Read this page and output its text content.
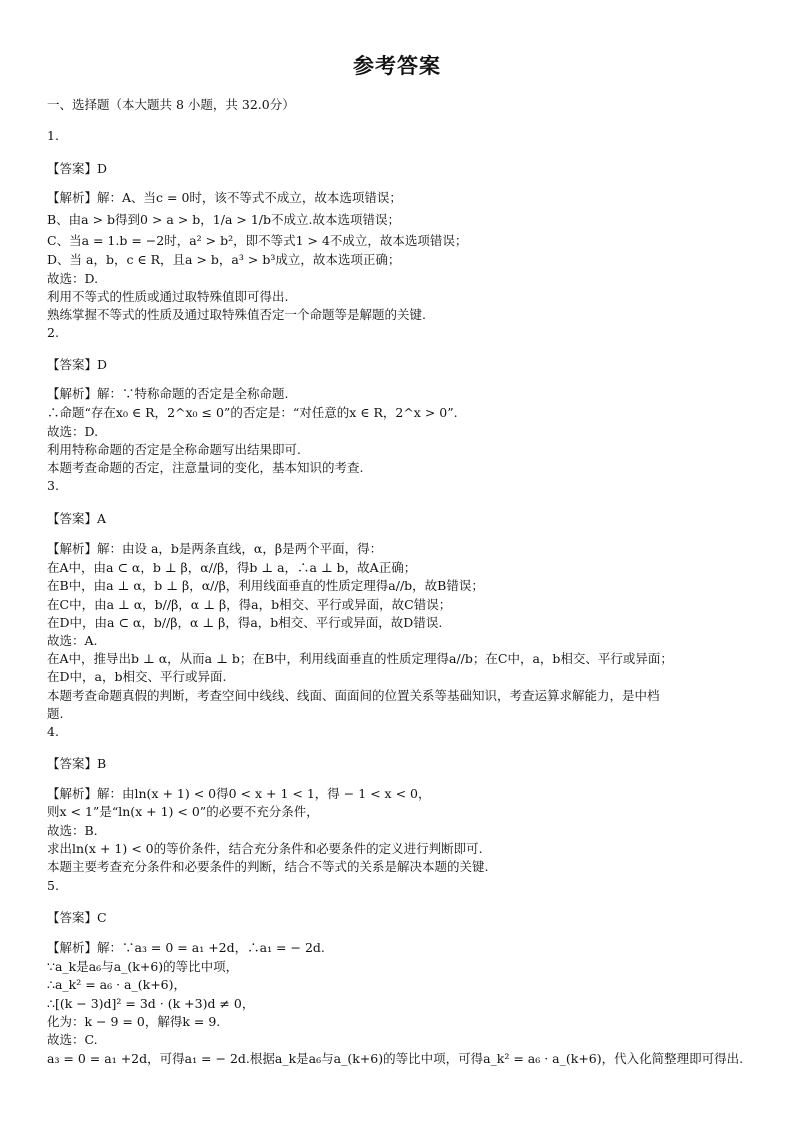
参考答案
一、选择题（本大题共 8 小题，共 32.0分）
1.
【答案】D
【解析】解：A、当c = 0时，该不等式不成立，故本选项错误；
B、由a > b得到0 > a > b，1/a > 1/b不成立.故本选项错误；
C、当a = 1.b = −2时，a² > b²，即不等式1 > 4不成立，故本选项错误；
D、当 a，b，c ∈ R，且a > b，a³ > b³成立，故本选项正确；
故选：D.
利用不等式的性质或通过取特殊值即可得出.
熟练掌握不等式的性质及通过取特殊值否定一个命题等是解题的关键.
2.
【答案】D
【解析】解：∵特称命题的否定是全称命题.
∴命题“存在x₀ ∈ R，2^x₀ ≤ 0”的否定是：“对任意的x ∈ R，2^x > 0”.
故选：D.
利用特称命题的否定是全称命题写出结果即可.
本题考查命题的否定，注意量词的变化，基本知识的考查.
3.
【答案】A
【解析】解：由设 a，b是两条直线，α，β是两个平面，得：
在A中，由a ⊂ α，b ⊥ β，α//β，得b ⊥ a，∴a ⊥ b，故A正确；
在B中，由a ⊥ α，b ⊥ β，α//β，利用线面垂直的性质定理得a//b，故B错误；
在C中，由a ⊥ α，b//β，α ⊥ β，得a，b相交、平行或异面，故C错误；
在D中，由a ⊂ α，b//β，α ⊥ β，得a，b相交、平行或异面，故D错误.
故选：A.
在A中，推导出b ⊥ α，从而a ⊥ b；在B中，利用线面垂直的性质定理得a//b；在C中，a，b相交、平行或异面；
在D中，a，b相交、平行或异面.
本题考查命题真假的判断，考查空间中线线、线面、面面间的位置关系等基础知识，考查运算求解能力，是中档
题.
4.
【答案】B
【解析】解：由ln(x + 1) < 0得0 < x + 1 < 1，得 − 1 < x < 0，
则x < 1”是“ln(x + 1) < 0”的必要不充分条件，
故选：B.
求出ln(x + 1) < 0的等价条件，结合充分条件和必要条件的定义进行判断即可.
本题主要考查充分条件和必要条件的判断，结合不等式的关系是解决本题的关键.
5.
【答案】C
【解析】解：∵a₃ = 0 = a₁ +2d，∴a₁ = − 2d.
∵a_k是a₆与a_(k+6)的等比中项，
∴a_k² = a₆ · a_(k+6)，
∴[(k − 3)d]² = 3d · (k +3)d ≠ 0，
化为：k − 9 = 0，解得k = 9.
故选：C.
a₃ = 0 = a₁ +2d，可得a₁ = − 2d.根据a_k是a₆与a_(k+6)的等比中项，可得a_k² = a₆ · a_(k+6)，代入化简整理即可得出.
